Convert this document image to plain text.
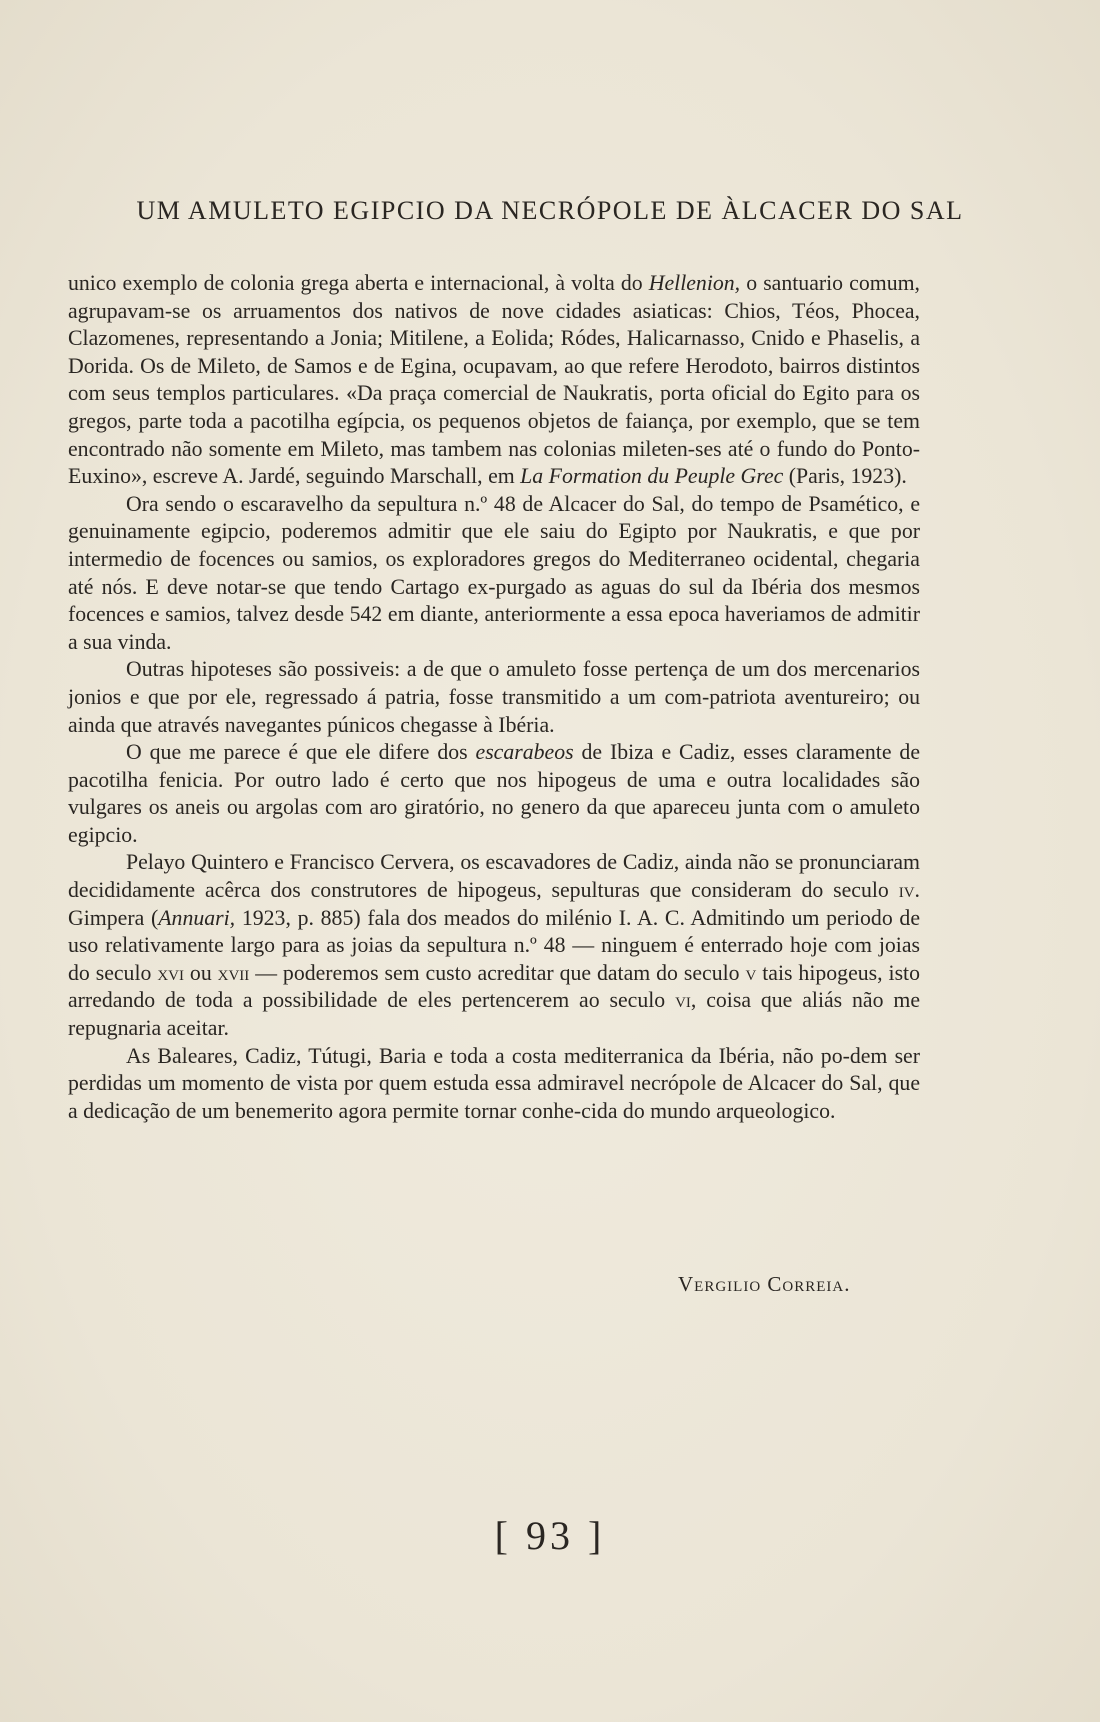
UM AMULETO EGIPCIO DA NECRÓPOLE DE ÀLCACER DO SAL

unico exemplo de colonia grega aberta e internacional, à volta do Hellenion, o santuario comum, agrupavam-se os arruamentos dos nativos de nove cidades asiaticas: Chios, Téos, Phocea, Clazomenes, representando a Jonia; Mitilene, a Eolida; Ródes, Halicarnasso, Cnido e Phaselis, a Dorida. Os de Mileto, de Samos e de Egina, ocupavam, ao que refere Herodoto, bairros distintos com seus templos particulares. «Da praça comercial de Naukratis, porta oficial do Egito para os gregos, parte toda a pacotilha egípcia, os pequenos objetos de faiança, por exemplo, que se tem encontrado não somente em Mileto, mas tambem nas colonias mileten-ses até o fundo do Ponto-Euxino», escreve A. Jardé, seguindo Marschall, em La Formation du Peuple Grec (Paris, 1923).

Ora sendo o escaravelho da sepultura n.º 48 de Alcacer do Sal, do tempo de Psamético, e genuinamente egipcio, poderemos admitir que ele saiu do Egipto por Naukratis, e que por intermedio de focences ou samios, os exploradores gregos do Mediterraneo ocidental, chegaria até nós. E deve notar-se que tendo Cartago ex-purgado as aguas do sul da Ibéria dos mesmos focences e samios, talvez desde 542 em diante, anteriormente a essa epoca haveriamos de admitir a sua vinda.

Outras hipoteses são possiveis: a de que o amuleto fosse pertença de um dos mercenarios jonios e que por ele, regressado á patria, fosse transmitido a um com-patriota aventureiro; ou ainda que através navegantes púnicos chegasse à Ibéria.

O que me parece é que ele difere dos escarabeos de Ibiza e Cadiz, esses claramente de pacotilha fenicia. Por outro lado é certo que nos hipogeus de uma e outra localidades são vulgares os aneis ou argolas com aro giratório, no genero da que apareceu junta com o amuleto egipcio.

Pelayo Quintero e Francisco Cervera, os escavadores de Cadiz, ainda não se pronunciaram decididamente acêrca dos construtores de hipogeus, sepulturas que consideram do seculo iv. Gimpera (Annuari, 1923, p. 885) fala dos meados do milénio I. A. C. Admitindo um periodo de uso relativamente largo para as joias da sepultura n.º 48 — ninguem é enterrado hoje com joias do seculo xvi ou xvii — poderemos sem custo acreditar que datam do seculo v tais hipogeus, isto arredando de toda a possibilidade de eles pertencerem ao seculo vi, coisa que aliás não me repugnaria aceitar.

As Baleares, Cadiz, Tútugi, Baria e toda a costa mediterranica da Ibéria, não po-dem ser perdidas um momento de vista por quem estuda essa admiravel necrópole de Alcacer do Sal, que a dedicação de um benemerito agora permite tornar conhe-cida do mundo arqueologico.

Vergilio Correia.
[ 93 ]
